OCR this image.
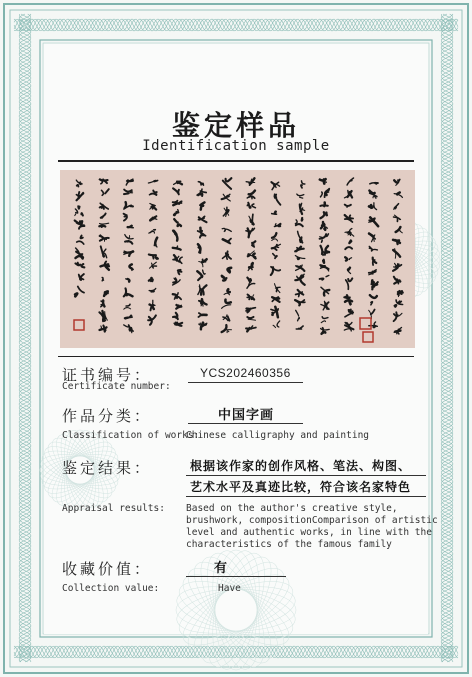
鉴定样品
Identification sample
证书编号：
Certificate number:
YCS202460356
作品分类：
Classification of works:
中国字画
Chinese calligraphy and painting
鉴定结果：	根据该作家的创作风格、笔法、构图、
艺术水平及真迹比较，符合该名家特色
Appraisal results: Based on the author's creative style,
brushwork, compositionComparison of artistic
level and authentic works, in line with the
characteristics of the famous family
收藏价值：
Collection value:
有
Have
